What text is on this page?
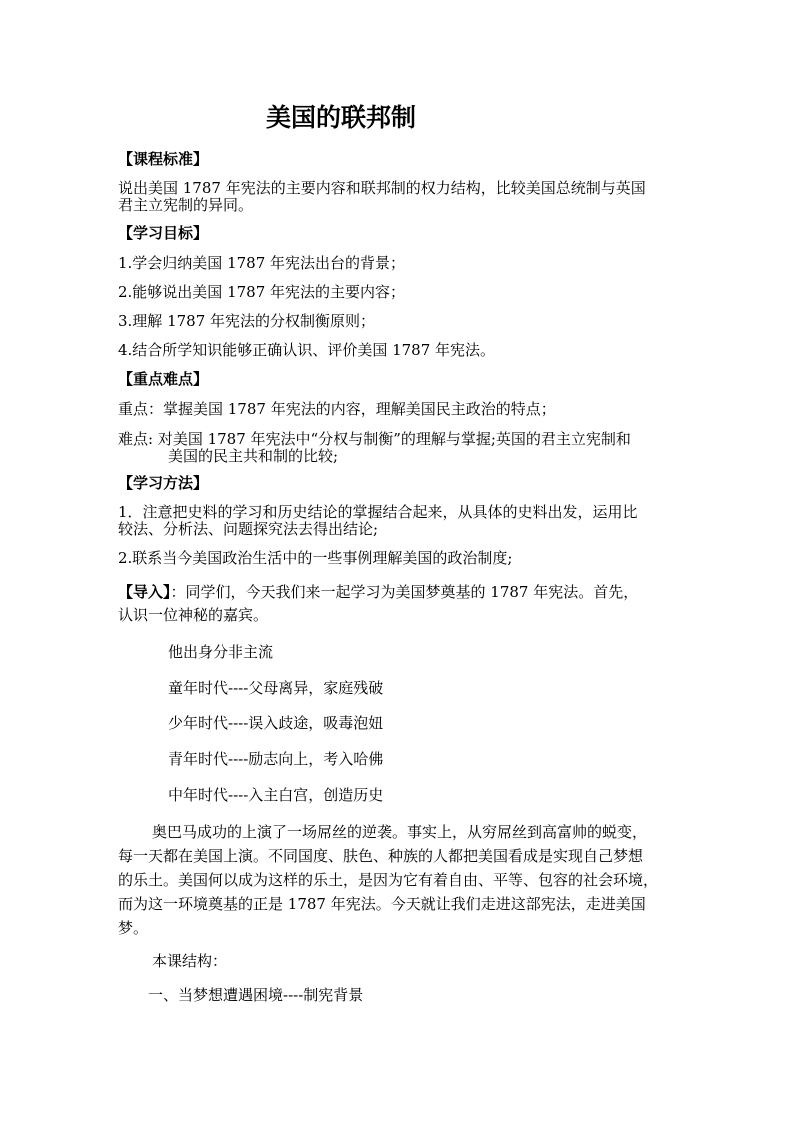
美国的联邦制
【课程标准】
说出美国 1787 年宪法的主要内容和联邦制的权力结构，比较美国总统制与英国
君主立宪制的异同。
【学习目标】
1.学会归纳美国 1787 年宪法出台的背景；
2.能够说出美国 1787 年宪法的主要内容；
3.理解 1787 年宪法的分权制衡原则；
4.结合所学知识能够正确认识、评价美国 1787 年宪法。
【重点难点】
重点：掌握美国 1787 年宪法的内容，理解美国民主政治的特点；
难点: 对美国 1787 年宪法中“分权与制衡”的理解与掌握;英国的君主立宪制和
美国的民主共和制的比较;
【学习方法】
1．注意把史料的学习和历史结论的掌握结合起来，从具体的史料出发，运用比
较法、分析法、问题探究法去得出结论;
2.联系当今美国政治生活中的一些事例理解美国的政治制度;
【导入】：同学们，今天我们来一起学习为美国梦奠基的 1787 年宪法。首先，
认识一位神秘的嘉宾。
他出身分非主流
童年时代----父母离异，家庭残破
少年时代----误入歧途，吸毒泡妞
青年时代----励志向上，考入哈佛
中年时代----入主白宫，创造历史
奥巴马成功的上演了一场屌丝的逆袭。事实上，从穷屌丝到高富帅的蜕变，
每一天都在美国上演。不同国度、肤色、种族的人都把美国看成是实现自己梦想
的乐土。美国何以成为这样的乐土，是因为它有着自由、平等、包容的社会环境，
而为这一环境奠基的正是 1787 年宪法。今天就让我们走进这部宪法，走进美国
梦。
本课结构：
一、当梦想遭遇困境----制宪背景
